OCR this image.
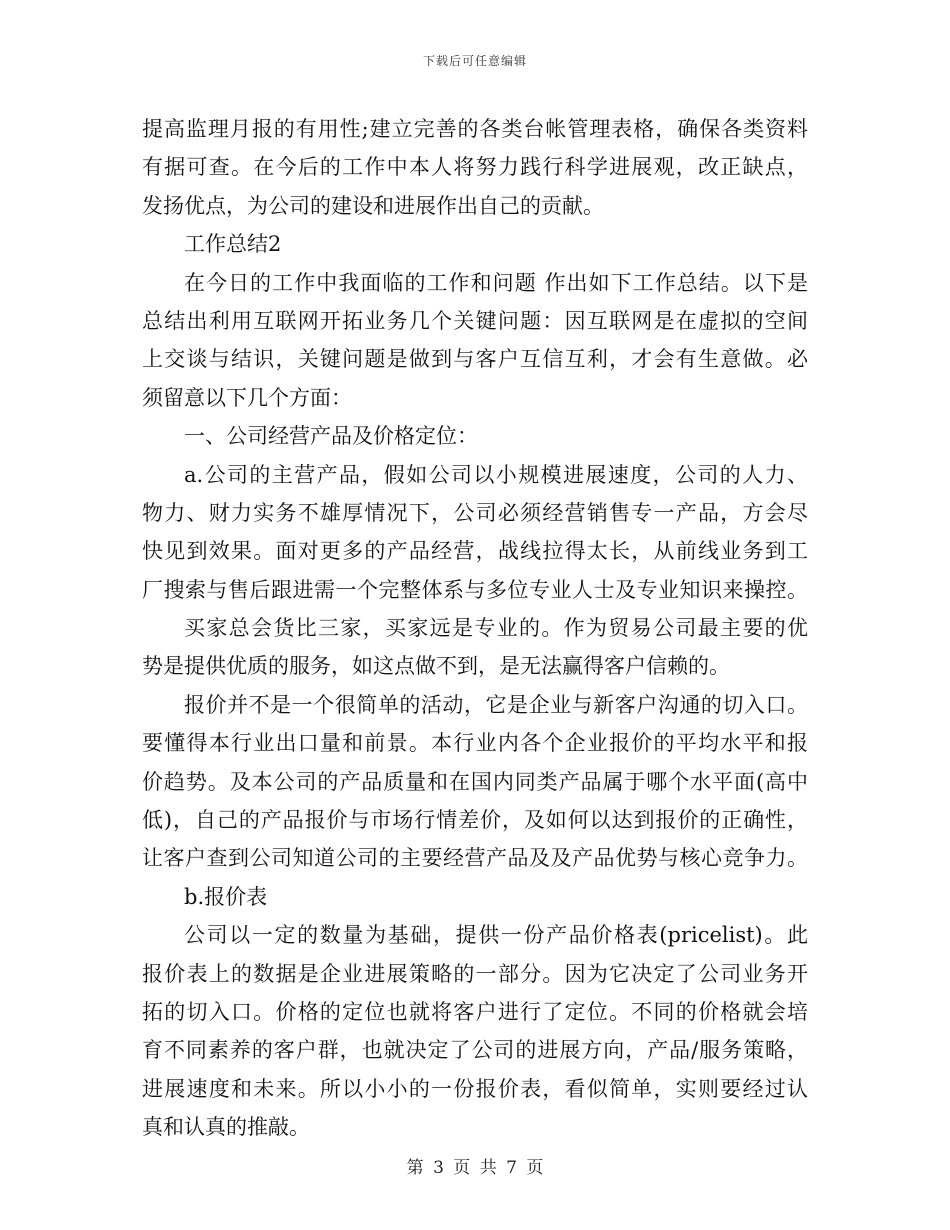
下载后可任意编辑
提高监理月报的有用性;建立完善的各类台帐管理表格，确保各类资料
有据可查。在今后的工作中本人将努力践行科学进展观，改正缺点，
发扬优点，为公司的建设和进展作出自己的贡献。
工作总结2
在今日的工作中我面临的工作和问题 作出如下工作总结。以下是
总结出利用互联网开拓业务几个关键问题：因互联网是在虚拟的空间
上交谈与结识，关键问题是做到与客户互信互利，才会有生意做。必
须留意以下几个方面：
一、公司经营产品及价格定位：
a.公司的主营产品，假如公司以小规模进展速度，公司的人力、
物力、财力实务不雄厚情况下，公司必须经营销售专一产品，方会尽
快见到效果。面对更多的产品经营，战线拉得太长，从前线业务到工
厂搜索与售后跟进需一个完整体系与多位专业人士及专业知识来操控。
买家总会货比三家，买家远是专业的。作为贸易公司最主要的优
势是提供优质的服务，如这点做不到，是无法赢得客户信赖的。
报价并不是一个很简单的活动，它是企业与新客户沟通的切入口。
要懂得本行业出口量和前景。本行业内各个企业报价的平均水平和报
价趋势。及本公司的产品质量和在国内同类产品属于哪个水平面(高中
低)，自己的产品报价与市场行情差价，及如何以达到报价的正确性，
让客户查到公司知道公司的主要经营产品及及产品优势与核心竞争力。
b.报价表
公司以一定的数量为基础，提供一份产品价格表(pricelist)。此
报价表上的数据是企业进展策略的一部分。因为它决定了公司业务开
拓的切入口。价格的定位也就将客户进行了定位。不同的价格就会培
育不同素养的客户群，也就决定了公司的进展方向，产品/服务策略，
进展速度和未来。所以小小的一份报价表，看似简单，实则要经过认
真和认真的推敲。
第 3 页 共 7 页
